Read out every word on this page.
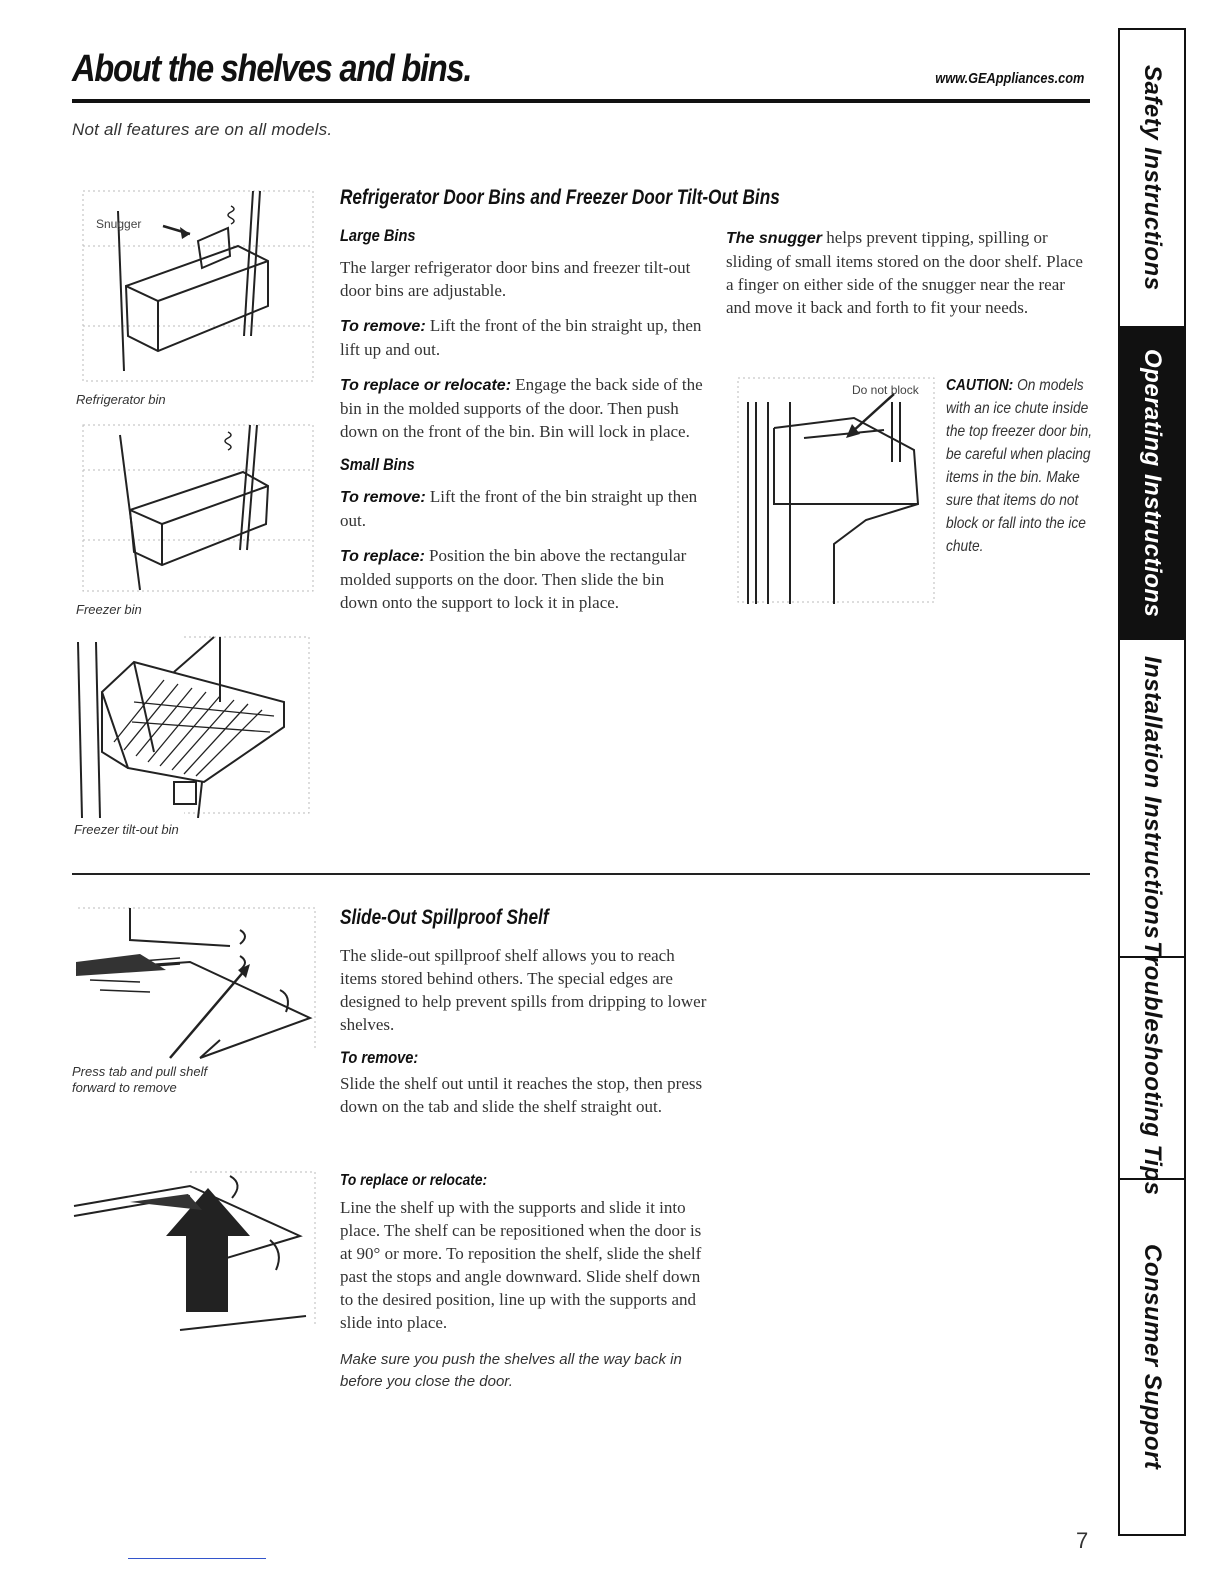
About the shelves and bins.	www.GEAppliances.com
Not all features are on all models.
Snugger
Refrigerator bin
Freezer bin
Freezer tilt-out bin
Refrigerator Door Bins and Freezer Door Tilt-Out Bins
Large Bins

The larger refrigerator door bins and freezer tilt-out door bins are adjustable.

To remove: Lift the front of the bin straight up, then lift up and out.

To replace or relocate: Engage the back side of the bin in the molded supports of the door. Then push down on the front of the bin. Bin will lock in place.

Small Bins

To remove: Lift the front of the bin straight up then out.

To replace: Position the bin above the rectangular molded supports on the door. Then slide the bin down onto the support to lock it in place.

The snugger helps prevent tipping, spilling or sliding of small items stored on the door shelf. Place a finger on either side of the snugger near the rear and move it back and forth to fit your needs.

Do not block CAUTION: On models with an ice chute inside the top freezer door bin, be careful when placing items in the bin. Make sure that items do not block or fall into the ice chute.
Press tab and pull shelf forward to remove
Slide-Out Spillproof Shelf

The slide-out spillproof shelf allows you to reach items stored behind others. The special edges are designed to help prevent spills from dripping to lower shelves.

To remove:

Slide the shelf out until it reaches the stop, then press down on the tab and slide the shelf straight out.

To replace or relocate:

Line the shelf up with the supports and slide it into place. The shelf can be repositioned when the door is at 90° or more. To reposition the shelf, slide the shelf past the stops and angle downward. Slide shelf down to the desired position, line up with the supports and slide into place.

Make sure you push the shelves all the way back in before you close the door.

Safety Instructions
Operating Instructions
Installation Instructions
Troubleshooting Tips
Consumer Support
7
